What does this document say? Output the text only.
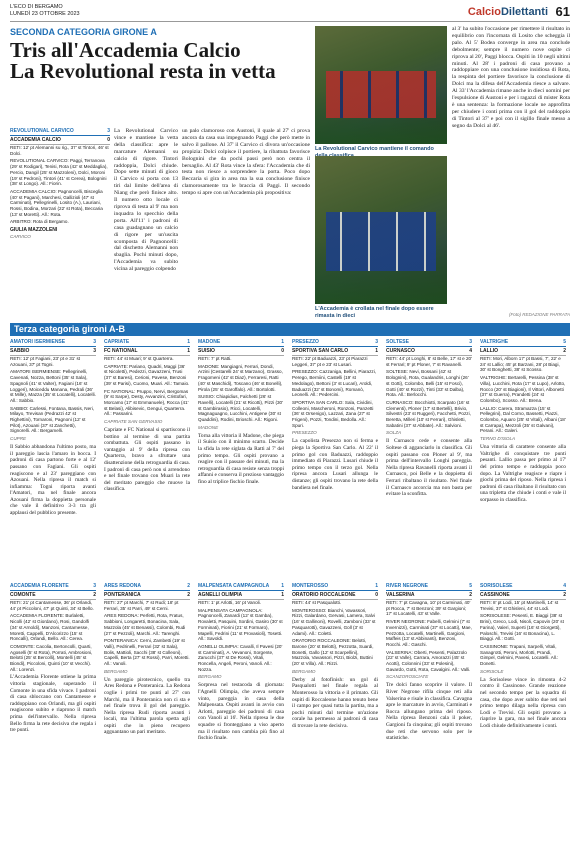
L'ECO DI BERGAMO
LUNEDÌ 23 OTTOBRE 2023	CalcioDilettanti 61
SECONDA CATEGORIA GIRONE A
Tris all'Accademia Calcio
La Revolutional resta in vetta
REVOLUTIONAL CARVICO	3
ACCADEMIA CALCIO	0

RETI: 12' pt Alemanni su rig., 37' st Tintori, 46' st Dolci.

REVOLUTIONAL CARVICO: Paggi, Terranova (29' st Rodigari), Tenisi, Rota (42' st Meddaglia), Percio, Dangil (25' st Mazzoleni), Dolci, Moroni (19' st Pedroni), Tintori (41' st Cerea), Bolognini (38' st Longo). All.: Fiorin.

ACCADEMIA CALCIO: Pagnoncelli, Bisceglia (40' st Pagani), Marchesi, Gallizioli (47' st Carminati), Pellegrinelli, Losito (A.), Lauriani, Rossi, Bodina, Morzari (22' st Rota), Beccaria (13' st Moretti). All.: Rota.

ARBITRO: Rota di Bergamo.

GIULIA MAZZOLENI
CARVICO
La Revolutional Carvico vince e mantiene la vetta della classifica: apre le marcature Alemanni su calcio di rigore. Tintori raddoppia, Dolci chiude. Dopo sette minuti di gioco il Carvico si porta con 13 tiri dal limite dell'area di Niang che però finisce alto. Il numero otto locale ci riprova di testa al 9' ma non inquadra lo specchio della porta. All'11' i padroni di casa guadagnano un calcio di rigore per un'uscita scomposta di Pagnoncelli: dal dischetto Alemanni non sbaglia. Pochi minuti dopo, l'Accademia va subito vicina al pareggio colpendo
un palo clamoroso con Austoni, il quale al 27' ci prova ancora da casa sua impegnando Paggi che però mette in salvo il pallone. Al 37' il Carvico ci divora un'occasione propizia: Dolci colpisce il portiere, la ribattuta favorisce Bolognini che da pochi passi però non centra il bersaglio. Al 43' Rota vince la sfera: l'Accademia che di testa non riesce a sorprendere la porta. Poco dopo Beccaria si gira in area ma la sua conclusione finisce clamorosamente tra le braccia di Paggi. Il secondo tempo si apre con un'Accademia più propositiva:
La Revolutional Carvico mantiene il comando
L'Accademia è crollata nel finale dopo essere rimasta in dieci
al 3' ha subito l'occasione per rimettere il risultato in equilibrio con l'incornata di Losito che scheggia il palo. Al 5' Bodea converge in area ma conclude debolmente; sempre il numero nove ospite ci riprova al 20', Paggi blocca. Ospiti in 10 negli ultimi minuti. Al 28' i padroni di casa provano a raddoppiare con una conclusione insidiosa di Rota, la respinta del portiere favorisce la conclusione di Dolci ma la difesa dell'Accademia riesce a salvare. Al 33' l'Accademia rimane anche in dieci uomini per l'espulsione di Austoni e per i ragazzi di mister Rota è una sentenza: la formazione locale ne approfitta per chiudere i conti prima con il gol del raddoppio di Tintori al 37' e poi con il sigillo finale messo a segno da Dolci al 46'.
(Foto) REDAZIONE PARRATA
Terza categoria gironi A-B
AMATORI ISERMIENSE	3
SABBIO	3

RETI: 12' pt Fagiani, 23' pt e 31' st Azouani, 37' pt Togni.

AMATORI ISERMIENSE: Pellegrinelli, Cavenati, Nozza, Bettoni (35' st Sala), Spagnoli (41' st Valter), Fagiani (16' st Loggeri), Moiceddu Manana, Pedrali (36' st Mille), Mazza (35' st Locatelli), Locatelli. All.: Sabbio.

SABBIO: Carlessi, Fontana, Bassis, Neri, Milayo, Trevisan (Pedrazzi 42' st Righettini), Tornaroni, Pagnoni (12' st Pilot), Azouani (37' st Zanchetti), Signorelli. All.: Bergamelli.

CUPRE

Il Sabbio abbandona l'ultimo posto, ma il pareggio lascia l'amaro in bocca. I padroni di casa partono forte e al 12' passano con Fagiani. Gli ospiti reagiscono e al 23' pareggiano con Azouani. Nella ripresa il match si infiamma: Togni riporta avanti l'Amatori, ma nel finale ancora Azouani firma la doppietta personale che vale il definitivo 3-3 tra gli applausi del pubblico presente.

CAPRIATE	1
FC NATIONAL	1

RETI: 44' st Muari; 9' st Quarterra.

CAPRIATE: Pariano, Quadri, Maggi (36' st Nicoletti), Pedezzi, Gavazzeni, Trusi (37' st Baresi), Cerioni, Pavese, Benzoni (39' st Parisi), Cuomo, Muari. All.: Tamaio.

FC NATIONAL: Pruppo, Nervi, Bergomas (9' st Sarpe), Desty, Avvanzini, Cristofari, Morcamo (17' st Emmanuele), Rocca (41' st Belasi), Alibisevic, Gengui, Quarterra. All.: Passarini.

CAPRIATE SAN GERVASIO

Capriate e FC National si spartiscono il bottino al termine di una partita combattuta. Gli ospiti passano in vantaggio al 9' della ripresa con Quarterra, bravo a sfruttare una disattenzione della retroguardia di casa. I padroni di casa però non si arrendono e nel finale trovano con Muari la rete del meritato pareggio che muove la classifica.

MADONE	1
SUISIO	0

RETI: 7' pt Ratti.

MADONE: Mangiagni, Ferrari, Dondi, Arzini (Cestarelli 24' st Marzano), Grasso, Fragomeni (42' st Diaz), Ferraresi, Ratti (40' st Maschidi), Toscano (46' st Bonelli), Pirola (25' st Garoffalo). All.: Bortolotti.

SUISIO: Chiapidius, Falchetti (26' st Ravelli), Locatelli (21' st Ricotti), Pizzi (30' st Gambirasio), Ricci, Locatelli, Magnaguagno, Lucchini, Antigene (30' st Quaddini), Rodini, Brioschi. All.: Rigoni.

MADONE

Torna alla vittoria il Madone, che piega il Suisio con il minimo scarto. Decide la sfida la rete siglata da Ratti al 7' del primo tempo. Gli ospiti provano a reagire con il passare dei minuti, ma la retroguardia di casa resiste senza troppi affanni e conserva il prezioso vantaggio fino al triplice fischio finale.

PRESEZZO	3
SPORTIVA SAN CARLO	1

RETI: 22' pt Baduazzi, 23' pt Piarazzi Leggeri, 37' pt e 23' st Lusari.

PRESEZZO: Cazzaniga, Bellini, Piarazzi, Perego, Berniini, Castelli (19' st Medolago), Bettoni (3' st Lucari), Aroldi, Baduazzi (32' st Bonomi), Romanò, Leonelli. All.: Pedercini.

SPORTIVA SAN CARLO: Sala, Cividini, Colleoni, Mascheroni, Ronzoni, Panzetti (36' st Orsenigo), Lazzari, Zana (27' st Frigeni), Pozzi, Tondini, Bedolla. All.: Spuri.

PRESEZZO

La capolista Presezzo non si ferma e piega la Sportiva San Carlo. Al 22' il primo gol con Baduazzi, raddoppio immediato di Piarazzi. Lusari chiude il primo tempo con il terzo gol. Nella ripresa ancora Lusari allunga le distanze; gli ospiti trovano la rete della bandiera nel finale.

SOLTESE	3
CURNASCO	4

RETI: 44' pt Longhi, 8' st Belle, 17' st e 20' st Ferrari; 9' pt Ploner, 7' st Ravanelli.

SOLTESE: Nevi, Bossani (42' st Bolognini), Rota, Gualandris, Longhi (26' st Gotti), Colombo, Belli (15' st Fosci), Gotti (40' st Rozzi), Tinti (33' st Dalba), Rota. All.: Berlocchi.

CURNASCO: Bocchiotti, Scarpato (16' st Clementi), Ploner (17' st Bertelli), Brivio, Silvestri (23' st Ruggeri), Facchetti, Pozzi, Beretta, Milleri (10' st Ferrari), Ghisletti, Sabatini (37' st Abbate). All.: Salvioni.

SOLZA

Il Curnasco cede e consente alla Soltese di agganciarlo in classifica. Gli ospiti passano con Ploner al 9', ma prima dell'intervallo Longhi pareggia. Nella ripresa Ravanelli riporta avanti il Curnasco, poi Belle e la doppietta di Ferrari ribaltano il risultato. Nel finale il Curnasco accorcia ma non basta per evitare la sconfitta.

VALTRIGHE	5
LALLIO	2

RETI: Mori, Alborn 17' pt Bassi, 7', 22' e 24' st Lallio; 45' pt Barzani, 28' pt Biagi, 30' st Bonghetti, 38' st Scosso.

VALTRIGHE: Bertarelli, Pessina (38' st Villa), Lucchini, Rota (17' st Lupo), Arlotto, Rocco (20' st Biagioni), Il Vittori, Albonetti (37' st Guerra), Prandetti (24' st Colombo), Scosso. All.: Brena.

LALLIO: Carera, Stramazza (15' st Pellegrini), Dal Corno, Bassetti, Piazzi, Colombo, Aquaro (25' st Vitali), Albani (18' st Carrapa), Mezzoli (35' st Galvani), Perani. All.: Galeri.

TERNO D'ISOLA

Una vittoria di carattere consente alla Valtrighe di conquistare tre punti pesanti. Lallio passa per primo al 17' del primo tempo e raddoppia poco dopo. La Valtrighe reagisce e riapre i giochi prima del riposo. Nella ripresa i padroni di casa ribaltano il risultato con una tripletta che chiude i conti e vale il sorpasso in classifica.

ACCADEMIA FLORENTE	3
COMONTE	2

RETI: 21' pt Cantamesse, 36' pt Orlandi, 44' pt Piccoloni, 47' pt Quinti, 34' st Bello.

ACCADEMIA FLORENTE: Burlaletti, Nicolli (42' st Giordano), Rosi, Gandolfi (34' st Arnoldi), Manzoni, Cantamesse, Moretti, Cappelli, D'Alcorizzo (15' st Roncalli), Orlandi, Bello. All.: Cerea.

COMONTE: Cacolia, Bertoncolli, Quarti, Agoselli (5' st Rota), Porrati, Ambrosioni, Belotti (25' st Bercolli), Montelli (45' st Biondi), Piccoloni, Quinti (10' st Vecchi). All.: Lorenzi.

L'Accademia Florente ottiene la prima vittoria stagionale, superando il Comonte in una sfida vivace. I padroni di casa sbloccano con Cantamesse e raddoppiano con Orlandi, ma gli ospiti reagiscono subito e riaprono il match prima dell'intervallo. Nella ripresa Bello firma la rete decisiva che regala i tre punti.

ARES REDONA	2
PONTERANICA	2

RETI: 27' pt Marchi, 7' st Rudi; 18' pt Ferrari, 35' st Parri, 49' st Cerni.

ARES REDONA: Perfetti, Rota, Fratus, Sabbioni, Longaretti, Bonacina, Sala, Mazzola (45' st Benassi), Colombi, Rudi (27' st Pezzoli), Marchi. All.: Tarenghi.

PONTERANICA: Cerni, Zambetti (19' st Valli), Pedrinelli, Ferrari (32' st Sala), Bolis, Mattioli, Sacchi (38' st Colleoni), Capelli, Berta (27' st Rossi), Parri, Moretti. All.: Vanoli.

BERGAMO

Un pareggio pirotecnico, quello tra Ares Redona e Ponteranica. La Redona coglie i primi tre punti al 27' con Marchi, ma il Ponteranica non ci sta e nel finale trova il gol del pareggio. Nella ripresa Rudi riporta avanti i locali, ma l'ultima parola spetta agli ospiti che in pieno recupero agguantano un pari meritato.

MALPENSATA CAMPAGNOLA 1
AGNELLI OLIMPIA	1

RETI: 1' pt Arlotti, 16' pt Vanoli.

MALPENSATA CAMPAGNOLA: Pagnoncelli, Zanardi (12' st Gamba), Rovaletti, Pasquini, Sordini, Gasiro (30' st Forminati), Fiorini (21' st Formaro), Mapelli, Fedrini (11' st Provasioli), Tosetti. All.: Savoldi.

AGNELLI OLIMPIA: Cavalli, Il Pavesi (20' st Carminati), A. Vevanoni, Sorgente, Zarucchi (37' st De Rossi), Vitali, Roncella, Angeli, Peroni, Vanoli. All.: Nozza.

BERGAMO

Sorpresa nel testacoda di giornata: l'Agnelli Olimpia, che aveva sempre vinto, pareggia in casa della Malpensata. Ospiti avanti in avvio con Arlotti, pareggio dei padroni di casa con Vanoli al 16'. Nella ripresa le due squadre si fronteggiano a viso aperto ma il risultato non cambia più fino al fischio finale.

MONTEROSSO	1
ORATORIO ROCCALEONE	0

RETI: 44' st Pasqualotti.

MONTEROSSO: Bianchi, Vavassori, Rizzi, Galardano, Gervasi, Lamera, Salvi (16' st Gallinoni), Rovelli, Zamboni (33' st Pasquarotti), Gavazzeni, Goll (3' st Adami). All.: Coletti.

ORATORIO ROCCALEONE: Belotti, Barone (20' st Belotti), Pezzotta, Suardi, Bonetti, Gallo (12' st Scarpellini), Mazzola, Vavassori, Pizzi, Biolzi, Buttini (20' st Villa). All.: Rizzi.

BERGAMO

Derby al fotofinish: un gol di Pasqualotti nel finale regala al Monterosso la vittoria e il primato. Gli ospiti di Roccaleone hanno tenuto bene il campo per quasi tutta la partita, ma a pochi minuti dal termine un'azione corale ha permesso ai padroni di casa di trovare la rete decisiva.

RIVER NEGRONE	5
VALSERINA	2

RETI: 7' pt Cavagna, 10' pt Carminati, 40' pt Rocca, 7' st Benzoni; 39' st Gargioni; 17' st Locatelli, 43' st Valle.

RIVER NEGRONE: Fabelli, Gelmini (7' st Invernizzi), Carminati (37' st Locatti), Mae, Pezzotta, Locatelli, Martinelli, Gargioni, Maffeis (13' st Abbinanti), Benzoni, Rocchi. All.: Gaschi.

VALSERINA: Oberti, Pesenti, Palazzolo (22' st Valle), Carrara, Amorazzi (45' st Acotti), Colonnini (33' st Polesini), Gavardo, Gotti, Rota, Cavalgini. All.: Valli.

SCANZOROSCIATE

Tre dolci fanno scoprire il valore. Il River Negrone rifila cinque reti alla Valserina e risale in classifica. Cavagna apre le marcature in avvio, Carminati e Rocca allungano prima del riposo. Nella ripresa Benzoni cala il poker, Gargioni fa cinquina; gli ospiti trovano due reti che servono solo per le statistiche.

SORISOLESE	4
CASSINONE	2

RETI: 8' pt Lodi, 15' pt Martinelli, 14' st Trevisi, 37' st Ghisleni, 44' st Lodi.

SORISOLESE: Pesenti, E. Biaggi (38' st Brini), Greco, Lodi, Nisoli, Capovin (20' st Farina), Valeri, Superti (16' st Giorgetti), Paloschi, Trevisi (16' st Bonacina), L. Biaggi. All.: Gotti.

CASSINONE: Trapani, Sarpelli, Vitali, Sanagrotti, Peroni, Morlotti, Prandi, Gimpel, Gelmini, Pavesi, Locatelli. All.: Donetti.

SORISOLE

La Sorisolese vince in rimonta 4-2 contro il Cassinone. Grande reazione nel secondo tempo per la squadra di casa, che dopo aver subito due reti nel primo tempo dilaga nella ripresa con Lodi e Trevisi. Gli ospiti provano a riaprire la gara, ma nel finale ancora Lodi chiude definitivamente i conti.
